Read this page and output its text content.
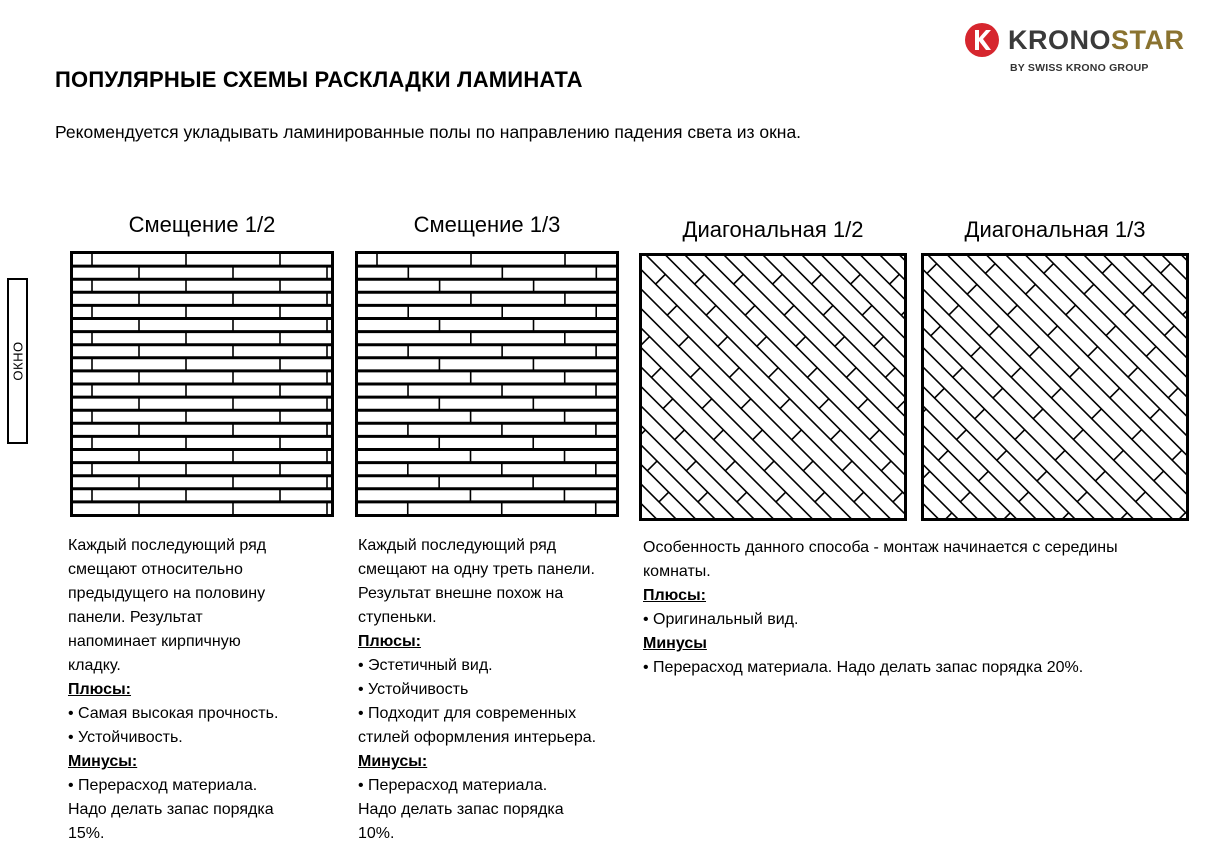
KRONOSTAR
BY SWISS KRONO GROUP
ПОПУЛЯРНЫЕ СХЕМЫ РАСКЛАДКИ ЛАМИНАТА
Рекомендуется укладывать ламинированные полы по направлению падения света из окна.
ОКНО
Смещение 1/2	Смещение 1/3	Диагональная 1/2	Диагональная 1/3
Каждый последующий ряд
смещают относительно
предыдущего на половину
панели. Результат
напоминает кирпичную
кладку.
Плюсы:
• Самая высокая прочность.
• Устойчивость.
Минусы:
• Перерасход материала.
Надо делать запас порядка
15%.
Каждый последующий ряд
смещают на одну треть панели.
Результат внешне похож на
ступеньки.
Плюсы:
• Эстетичный вид.
• Устойчивость
• Подходит для современных
стилей оформления интерьера.
Минусы:
• Перерасход материала.
Надо делать запас порядка
10%.
Особенность данного способа - монтаж начинается с середины
комнаты.
Плюсы:
• Оригинальный вид.
Минусы
• Перерасход материала. Надо делать запас порядка 20%.
